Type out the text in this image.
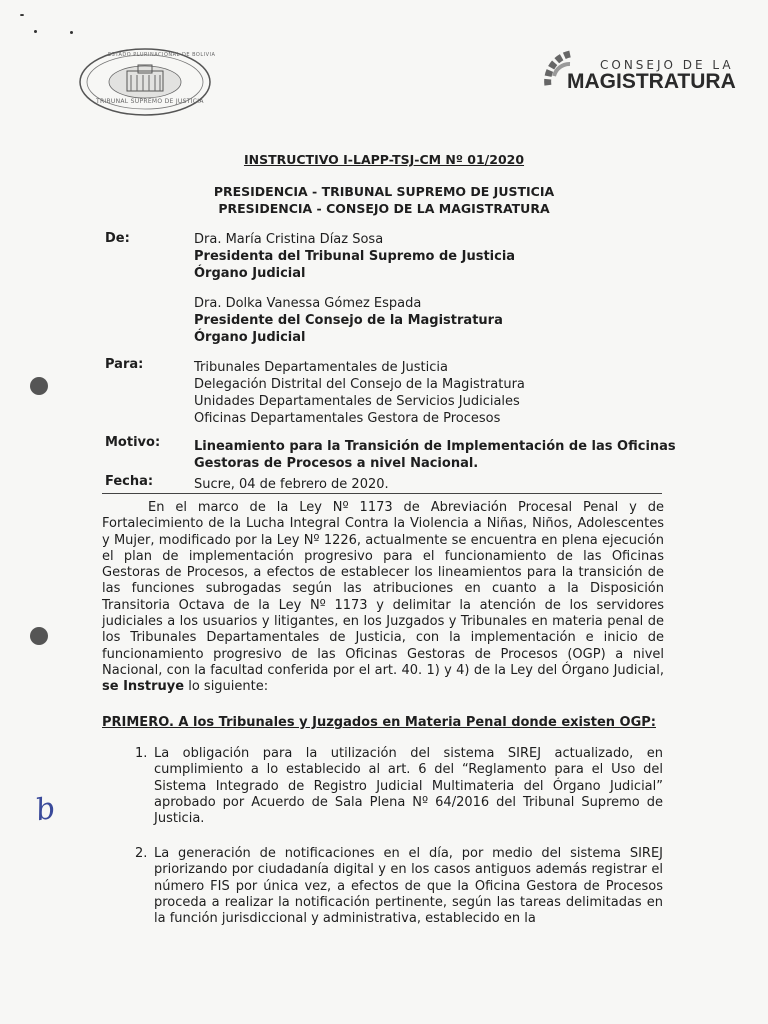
ESTADO PLURINACIONAL DE BOLIVIA
TRIBUNAL SUPREMO DE JUSTICIA
CONSEJO DE LA
MAGISTRATURA
INSTRUCTIVO I-LAPP-TSJ-CM Nº 01/2020
PRESIDENCIA - TRIBUNAL SUPREMO DE JUSTICIA
PRESIDENCIA - CONSEJO DE LA MAGISTRATURA
De:	Dra. María Cristina Díaz Sosa
Presidenta del Tribunal Supremo de Justicia
Órgano Judicial
Dra. Dolka Vanessa Gómez Espada
Presidente del Consejo de la Magistratura
Órgano Judicial
Para:	Tribunales Departamentales de Justicia
Delegación Distrital del Consejo de la Magistratura
Unidades Departamentales de Servicios Judiciales
Oficinas Departamentales Gestora de Procesos
Motivo:	Lineamiento para la Transición de Implementación de las Oficinas
Gestoras de Procesos a nivel Nacional.
Fecha:	Sucre, 04 de febrero de 2020.
En el marco de la Ley Nº 1173 de Abreviación Procesal Penal y de Fortalecimiento de la Lucha Integral Contra la Violencia a Niñas, Niños, Adolescentes y Mujer, modificado por la Ley Nº 1226, actualmente se encuentra en plena ejecución el plan de implementación progresivo para el funcionamiento de las Oficinas Gestoras de Procesos, a efectos de establecer los lineamientos para la transición de las funciones subrogadas según las atribuciones en cuanto a la Disposición Transitoria Octava de la Ley Nº 1173 y delimitar la atención de los servidores judiciales a los usuarios y litigantes, en los Juzgados y Tribunales en materia penal de los Tribunales Departamentales de Justicia, con la implementación e inicio de funcionamiento progresivo de las Oficinas Gestoras de Procesos (OGP) a nivel Nacional, con la facultad conferida por el art. 40. 1) y 4) de la Ley del Órgano Judicial, se Instruye lo siguiente:
PRIMERO. A los Tribunales y Juzgados en Materia Penal donde existen OGP:
1. La obligación para la utilización del sistema SIREJ actualizado, en cumplimiento a lo establecido al art. 6 del “Reglamento para el Uso del Sistema Integrado de Registro Judicial Multimateria del Órgano Judicial” aprobado por Acuerdo de Sala Plena Nº 64/2016 del Tribunal Supremo de Justicia.
2. La generación de notificaciones en el día, por medio del sistema SIREJ priorizando por ciudadanía digital y en los casos antiguos además registrar el número FIS por única vez, a efectos de que la Oficina Gestora de Procesos proceda a realizar la notificación pertinente, según las tareas delimitadas en la función jurisdiccional y administrativa, establecido en la
b
